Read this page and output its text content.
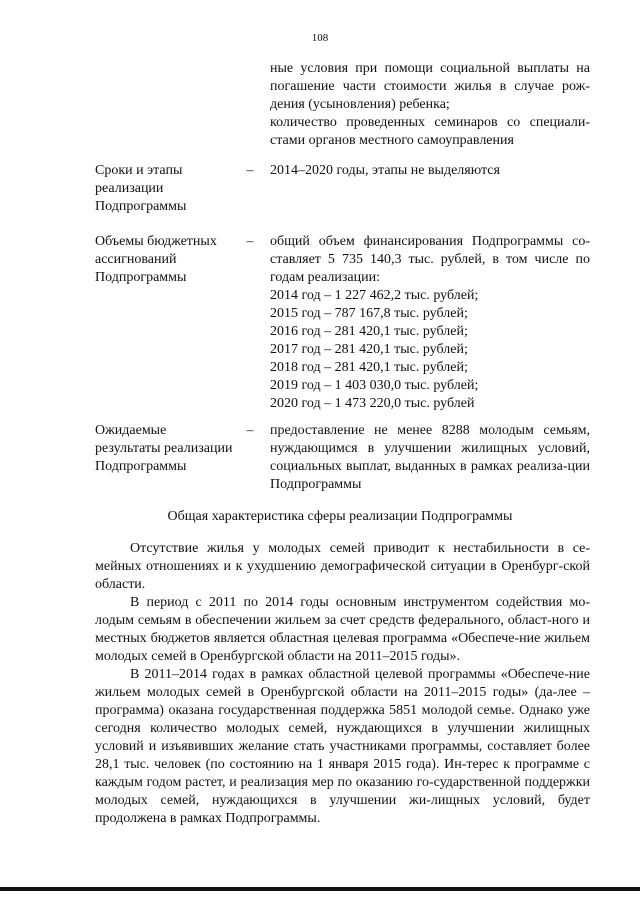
108
ные условия при помощи социальной выплаты на погашение части стоимости жилья в случае рож-дения (усыновления) ребенка;
количество проведенных семинаров со специали-стами органов местного самоуправления
Сроки и этапы реализации Подпрограммы
– 2014–2020 годы, этапы не выделяются
Объемы бюджетных ассигнований Подпрограммы
– общий объем финансирования Подпрограммы со-ставляет 5 735 140,3 тыс. рублей, в том числе по годам реализации:
2014 год – 1 227 462,2 тыс. рублей;
2015 год – 787 167,8 тыс. рублей;
2016 год – 281 420,1 тыс. рублей;
2017 год – 281 420,1 тыс. рублей;
2018 год – 281 420,1 тыс. рублей;
2019 год – 1 403 030,0 тыс. рублей;
2020 год – 1 473 220,0 тыс. рублей
Ожидаемые результаты реализации Подпрограммы
– предоставление не менее 8288 молодым семьям, нуждающимся в улучшении жилищных условий, социальных выплат, выданных в рамках реализа-ции Подпрограммы
Общая характеристика сферы реализации Подпрограммы

Отсутствие жилья у молодых семей приводит к нестабильности в се-мейных отношениях и к ухудшению демографической ситуации в Оренбург-ской области.

В период с 2011 по 2014 годы основным инструментом содействия мо-лодым семьям в обеспечении жильем за счет средств федерального, област-ного и местных бюджетов является областная целевая программа «Обеспече-ние жильем молодых семей в Оренбургской области на 2011–2015 годы».

В 2011–2014 годах в рамках областной целевой программы «Обеспече-ние жильем молодых семей в Оренбургской области на 2011–2015 годы» (да-лее – программа) оказана государственная поддержка 5851 молодой семье. Однако уже сегодня количество молодых семей, нуждающихся в улучшении жилищных условий и изъявивших желание стать участниками программы, составляет более 28,1 тыс. человек (по состоянию на 1 января 2015 года). Ин-терес к программе с каждым годом растет, и реализация мер по оказанию го-сударственной поддержки молодых семей, нуждающихся в улучшении жи-лищных условий, будет продолжена в рамках Подпрограммы.
